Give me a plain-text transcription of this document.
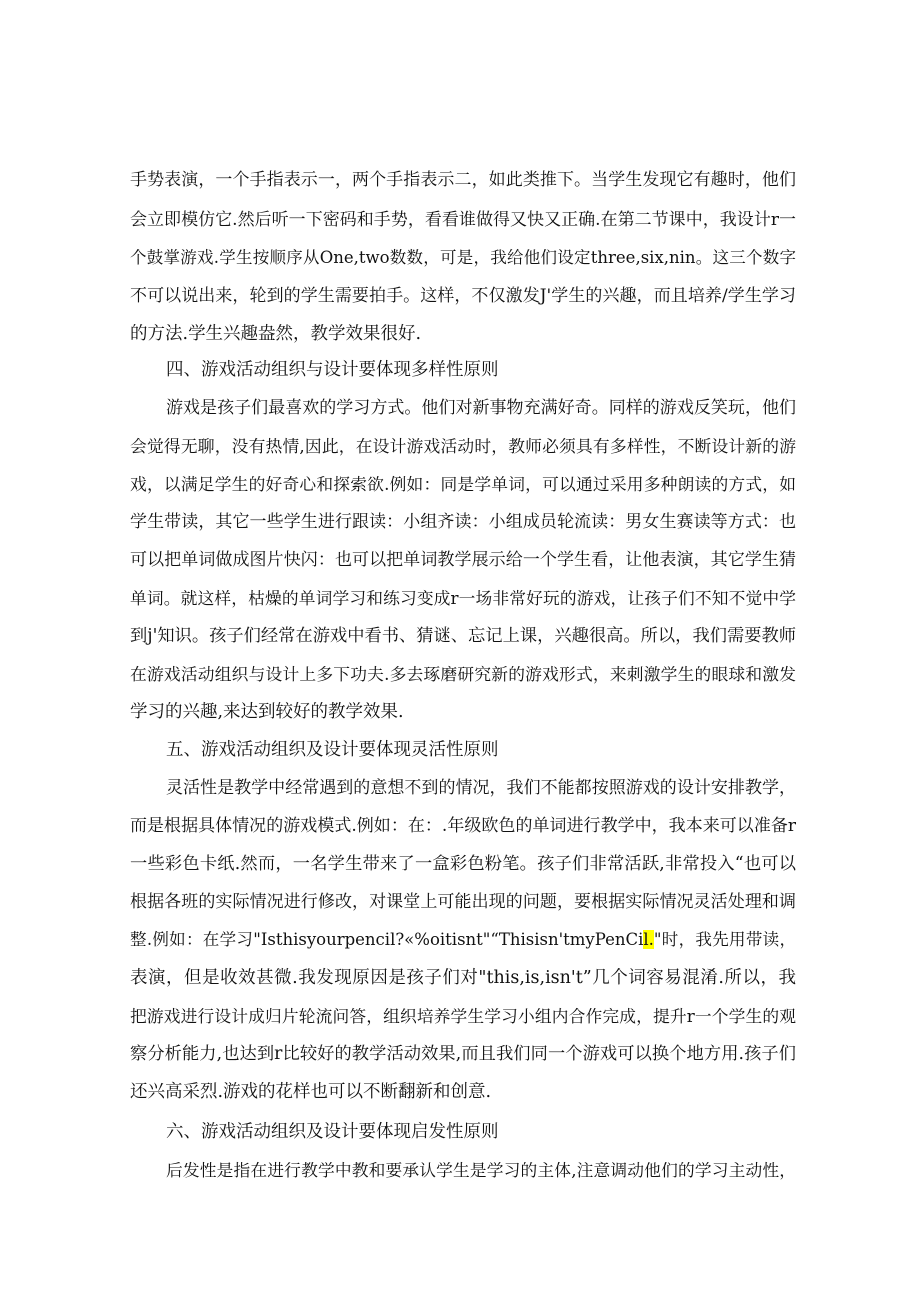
手势表演，一个手指表示一，两个手指表示二，如此类推下。当学生发现它有趣时，他们
会立即模仿它.然后听一下密码和手势，看看谁做得又快又正确.在第二节课中，我设计r一
个鼓掌游戏.学生按顺序从One,two数数，可是，我给他们设定three,six,nin。这三个数字
不可以说出来，轮到的学生需要拍手。这样，不仅激发J'学生的兴趣，而且培养/学生学习
的方法.学生兴趣盎然，教学效果很好.
四、游戏活动组织与设计要体现多样性原则
游戏是孩子们最喜欢的学习方式。他们对新事物充满好奇。同样的游戏反笑玩，他们
会觉得无聊，没有热情,因此，在设计游戏活动时，教师必须具有多样性，不断设计新的游
戏，以满足学生的好奇心和探索欲.例如：同是学单词，可以通过采用多种朗读的方式，如
学生带读，其它一些学生进行跟读：小组齐读：小组成员轮流读：男女生赛读等方式：也
可以把单词做成图片快闪：也可以把单词教学展示给一个学生看，让他表演，其它学生猜
单词。就这样，枯燥的单词学习和练习变成r一场非常好玩的游戏，让孩子们不知不觉中学
到j'知识。孩子们经常在游戏中看书、猜谜、忘记上课，兴趣很高。所以，我们需要教师
在游戏活动组织与设计上多下功夫.多去琢磨研究新的游戏形式，来刺激学生的眼球和激发
学习的兴趣,来达到较好的教学效果.
五、游戏活动组织及设计要体现灵活性原则
灵活性是教学中经常遇到的意想不到的情况，我们不能都按照游戏的设计安排教学，
而是根据具体情况的游戏模式.例如：在：.年级欧色的单词进行教学中，我本来可以准备r
一些彩色卡纸.然而，一名学生带来了一盒彩色粉笔。孩子们非常活跃,非常投入“也可以
根据各班的实际情况进行修改，对课堂上可能出现的问题，要根据实际情况灵活处理和调
整.例如：在学习"Isthisyourpencil?«%oitisnt"“Thisisn'tmyPenCil."时，我先用带读，
表演，但是收效甚微.我发现原因是孩子们对"this,is,isn't”几个词容易混淆.所以，我
把游戏进行设计成归片轮流问答，组织培养学生学习小组内合作完成，提升r一个学生的观
察分析能力,也达到r比较好的教学活动效果,而且我们同一个游戏可以换个地方用.孩子们
还兴高采烈.游戏的花样也可以不断翻新和创意.
六、游戏活动组织及设计要体现启发性原则
后发性是指在进行教学中教和要承认学生是学习的主体,注意调动他们的学习主动性，
